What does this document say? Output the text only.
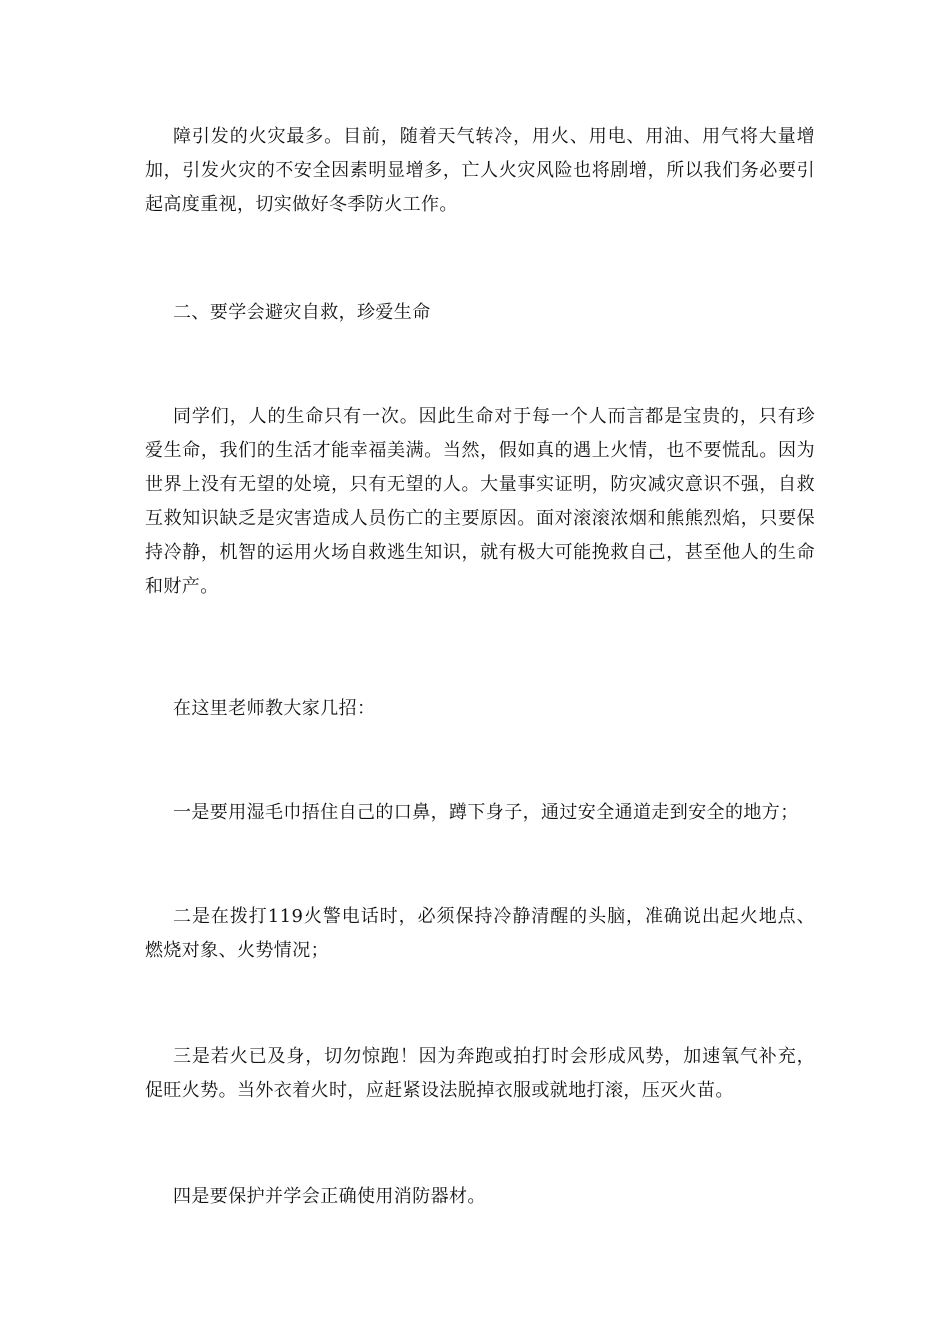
障引发的火灾最多。目前，随着天气转冷，用火、用电、用油、用气将大量增加，引发火灾的不安全因素明显增多，亡人火灾风险也将剧增，所以我们务必要引起高度重视，切实做好冬季防火工作。

二、要学会避灾自救，珍爱生命

同学们，人的生命只有一次。因此生命对于每一个人而言都是宝贵的，只有珍爱生命，我们的生活才能幸福美满。当然，假如真的遇上火情，也不要慌乱。因为世界上没有无望的处境，只有无望的人。大量事实证明，防灾减灾意识不强，自救互救知识缺乏是灾害造成人员伤亡的主要原因。面对滚滚浓烟和熊熊烈焰，只要保持冷静，机智的运用火场自救逃生知识，就有极大可能挽救自己，甚至他人的生命和财产。

在这里老师教大家几招：

一是要用湿毛巾捂住自己的口鼻，蹲下身子，通过安全通道走到安全的地方；

二是在拨打119火警电话时，必须保持冷静清醒的头脑，准确说出起火地点、燃烧对象、火势情况；

三是若火已及身，切勿惊跑！因为奔跑或拍打时会形成风势，加速氧气补充，促旺火势。当外衣着火时，应赶紧设法脱掉衣服或就地打滚，压灭火苗。

四是要保护并学会正确使用消防器材。
